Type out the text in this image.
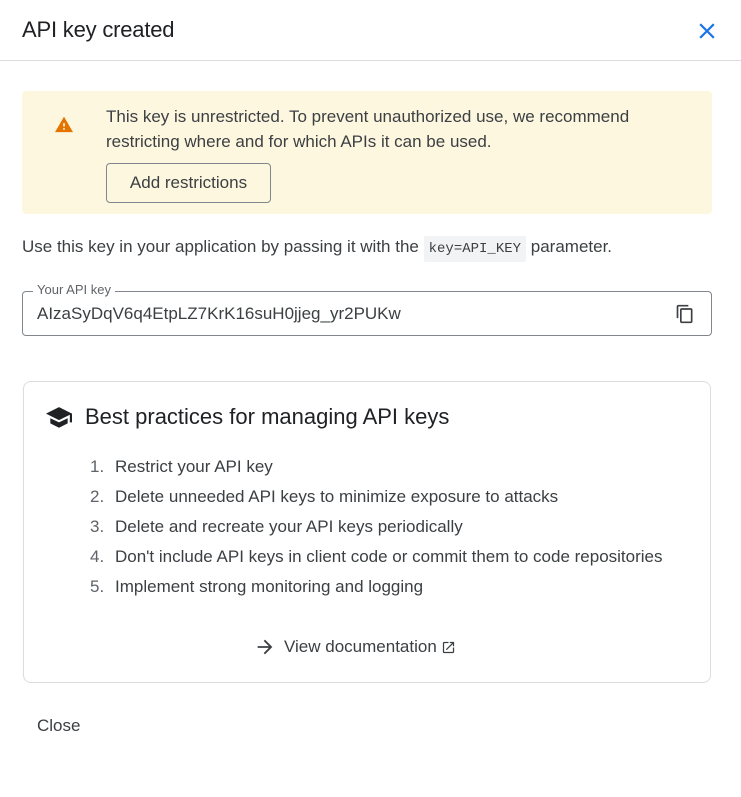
API key created
This key is unrestricted. To prevent unauthorized use, we recommend restricting where and for which APIs it can be used.
Add restrictions
Use this key in your application by passing it with the key=API_KEY parameter.
Your API key
AIzaSyDqV6q4EtpLZ7KrK16suH0jjeg_yr2PUKw
Best practices for managing API keys
1. Restrict your API key
2. Delete unneeded API keys to minimize exposure to attacks
3. Delete and recreate your API keys periodically
4. Don't include API keys in client code or commit them to code repositories
5. Implement strong monitoring and logging
View documentation
Close
